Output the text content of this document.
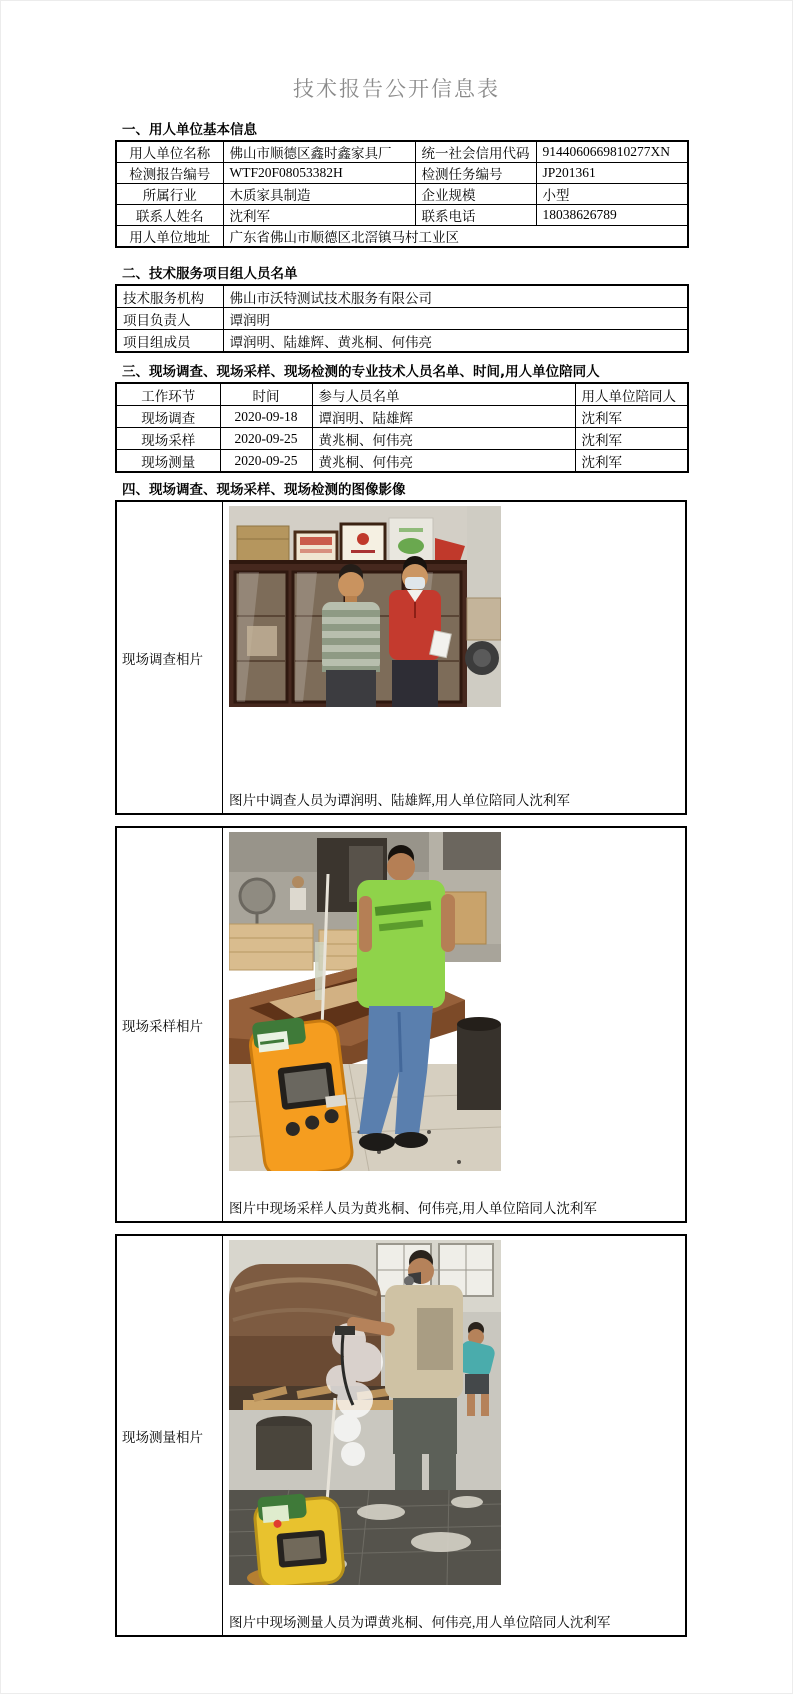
技术报告公开信息表
一、用人单位基本信息
用人单位名称	佛山市顺德区鑫时鑫家具厂	统一社会信用代码	9144060669810277XN
检测报告编号	WTF20F08053382H	检测任务编号	JP201361
所属行业	木质家具制造	企业规模	小型
联系人姓名	沈利军	联系电话	18038626789
用人单位地址	广东省佛山市顺德区北滘镇马村工业区		
二、技术服务项目组人员名单
技术服务机构	佛山市沃特测试技术服务有限公司
项目负责人	谭润明
项目组成员	谭润明、陆雄辉、黄兆桐、何伟亮
三、现场调查、现场采样、现场检测的专业技术人员名单、时间,用人单位陪同人
工作环节	时间	参与人员名单	用人单位陪同人
现场调查	2020-09-18	谭润明、陆雄辉	沈利军
现场采样	2020-09-25	黄兆桐、何伟亮	沈利军
现场测量	2020-09-25	黄兆桐、何伟亮	沈利军
四、现场调查、现场采样、现场检测的图像影像
现场调查相片
图片中调查人员为谭润明、陆雄辉,用人单位陪同人沈利军
现场采样相片
图片中现场采样人员为黄兆桐、何伟亮,用人单位陪同人沈利军
现场测量相片
图片中现场测量人员为谭黄兆桐、何伟亮,用人单位陪同人沈利军
